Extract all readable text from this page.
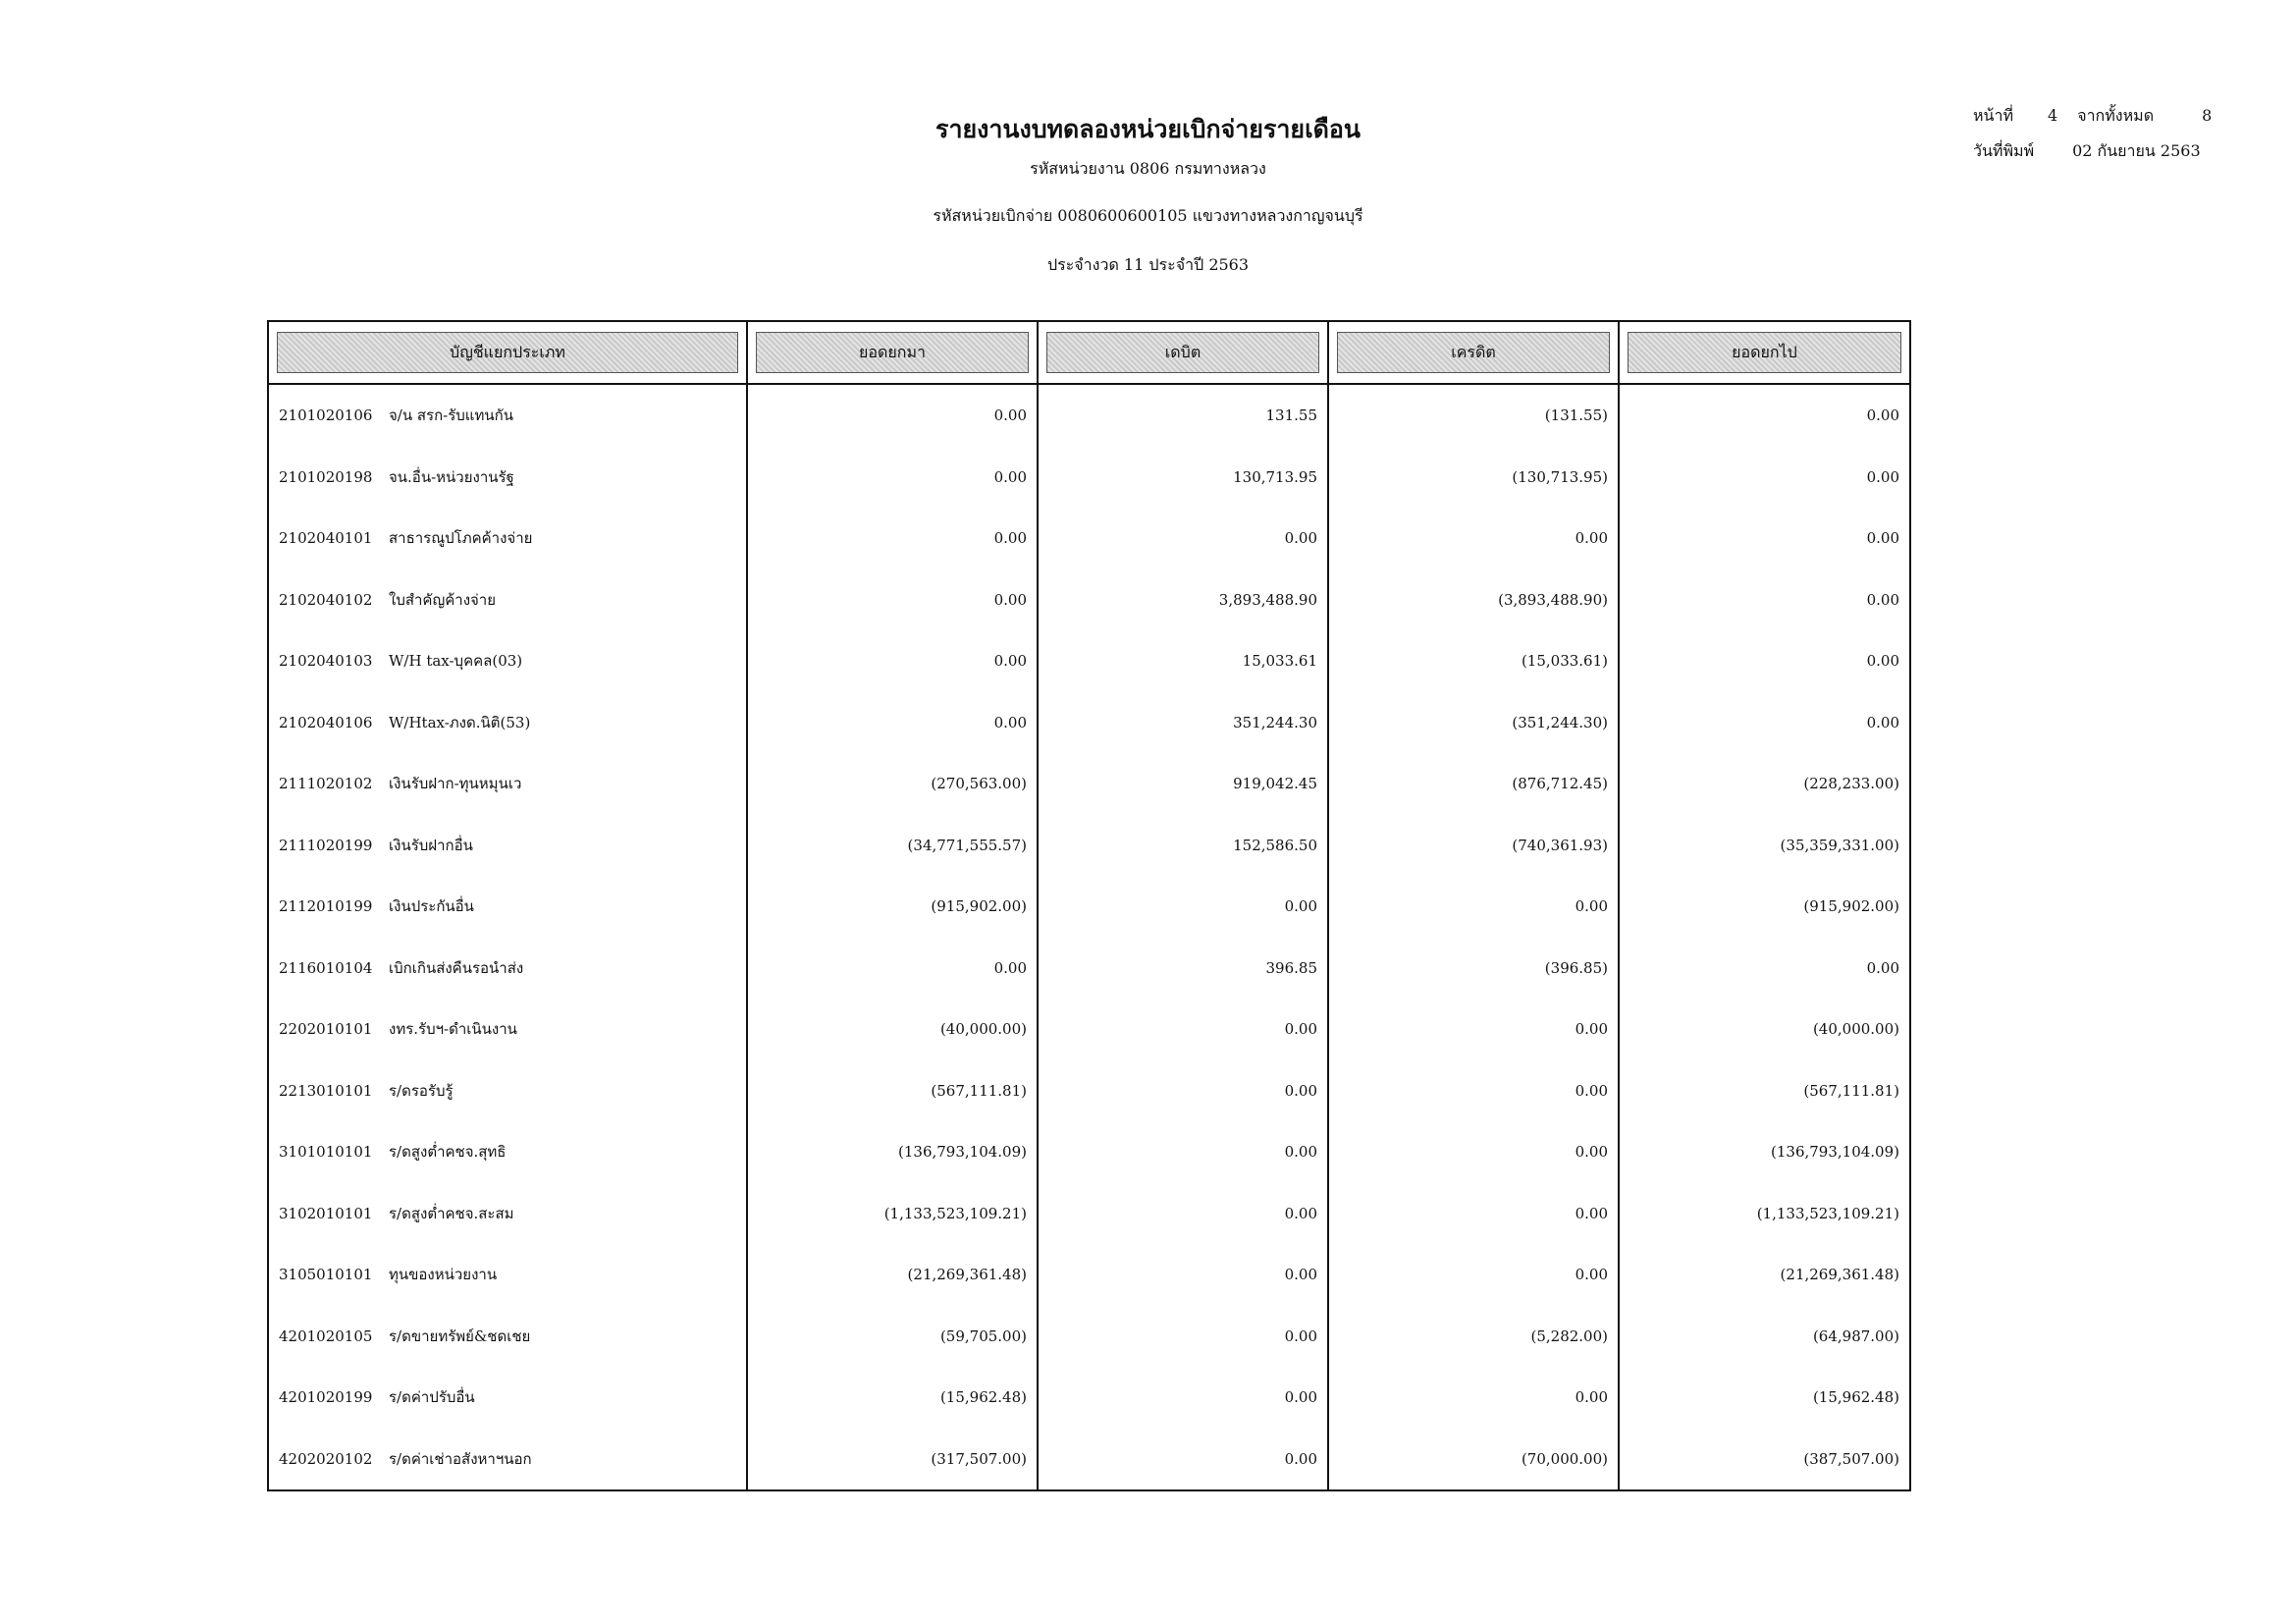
รายงานงบทดลองหน่วยเบิกจ่ายรายเดือน
รหัสหน่วยงาน 0806 กรมทางหลวง
รหัสหน่วยเบิกจ่าย 0080600600105 แขวงทางหลวงกาญจนบุรี
ประจำงวด 11 ประจำปี 2563
หน้าที่ 4 จากทั้งหมด	8
วันที่พิมพ์ 02 กันยายน 2563
บัญชีแยกประเภท	ยอดยกมา	เดบิต	เครดิต	ยอดยกไป

2101020106 จ/น สรก-รับแทนกัน	0.00	131.55	(131.55)	0.00
2101020198 จน.อื่น-หน่วยงานรัฐ	0.00	130,713.95	(130,713.95)	0.00
2102040101 สาธารณูปโภคค้างจ่าย	0.00	0.00	0.00	0.00
2102040102 ใบสำคัญค้างจ่าย	0.00	3,893,488.90	(3,893,488.90)	0.00
2102040103 W/H tax-บุคคล(03)	0.00	15,033.61	(15,033.61)	0.00
2102040106 W/Htax-ภงด.นิติ(53)	0.00	351,244.30	(351,244.30)	0.00
2111020102 เงินรับฝาก-ทุนหมุนเว	(270,563.00)	919,042.45	(876,712.45)	(228,233.00)
2111020199 เงินรับฝากอื่น	(34,771,555.57)	152,586.50	(740,361.93)	(35,359,331.00)
2112010199 เงินประกันอื่น	(915,902.00)	0.00	0.00	(915,902.00)
2116010104 เบิกเกินส่งคืนรอนำส่ง	0.00	396.85	(396.85)	0.00
2202010101 งทร.รับฯ-ดำเนินงาน	(40,000.00)	0.00	0.00	(40,000.00)
2213010101 ร/ดรอรับรู้	(567,111.81)	0.00	0.00	(567,111.81)
3101010101 ร/ดสูงต่ำคชจ.สุทธิ	(136,793,104.09)	0.00	0.00	(136,793,104.09)
3102010101 ร/ดสูงต่ำคชจ.สะสม	(1,133,523,109.21)	0.00	0.00	(1,133,523,109.21)
3105010101 ทุนของหน่วยงาน	(21,269,361.48)	0.00	0.00	(21,269,361.48)
4201020105 ร/ดขายทรัพย์&ชดเชย	(59,705.00)	0.00	(5,282.00)	(64,987.00)
4201020199 ร/ดค่าปรับอื่น	(15,962.48)	0.00	0.00	(15,962.48)
4202020102 ร/ดค่าเช่าอสังหาฯนอก	(317,507.00)	0.00	(70,000.00)	(387,507.00)
